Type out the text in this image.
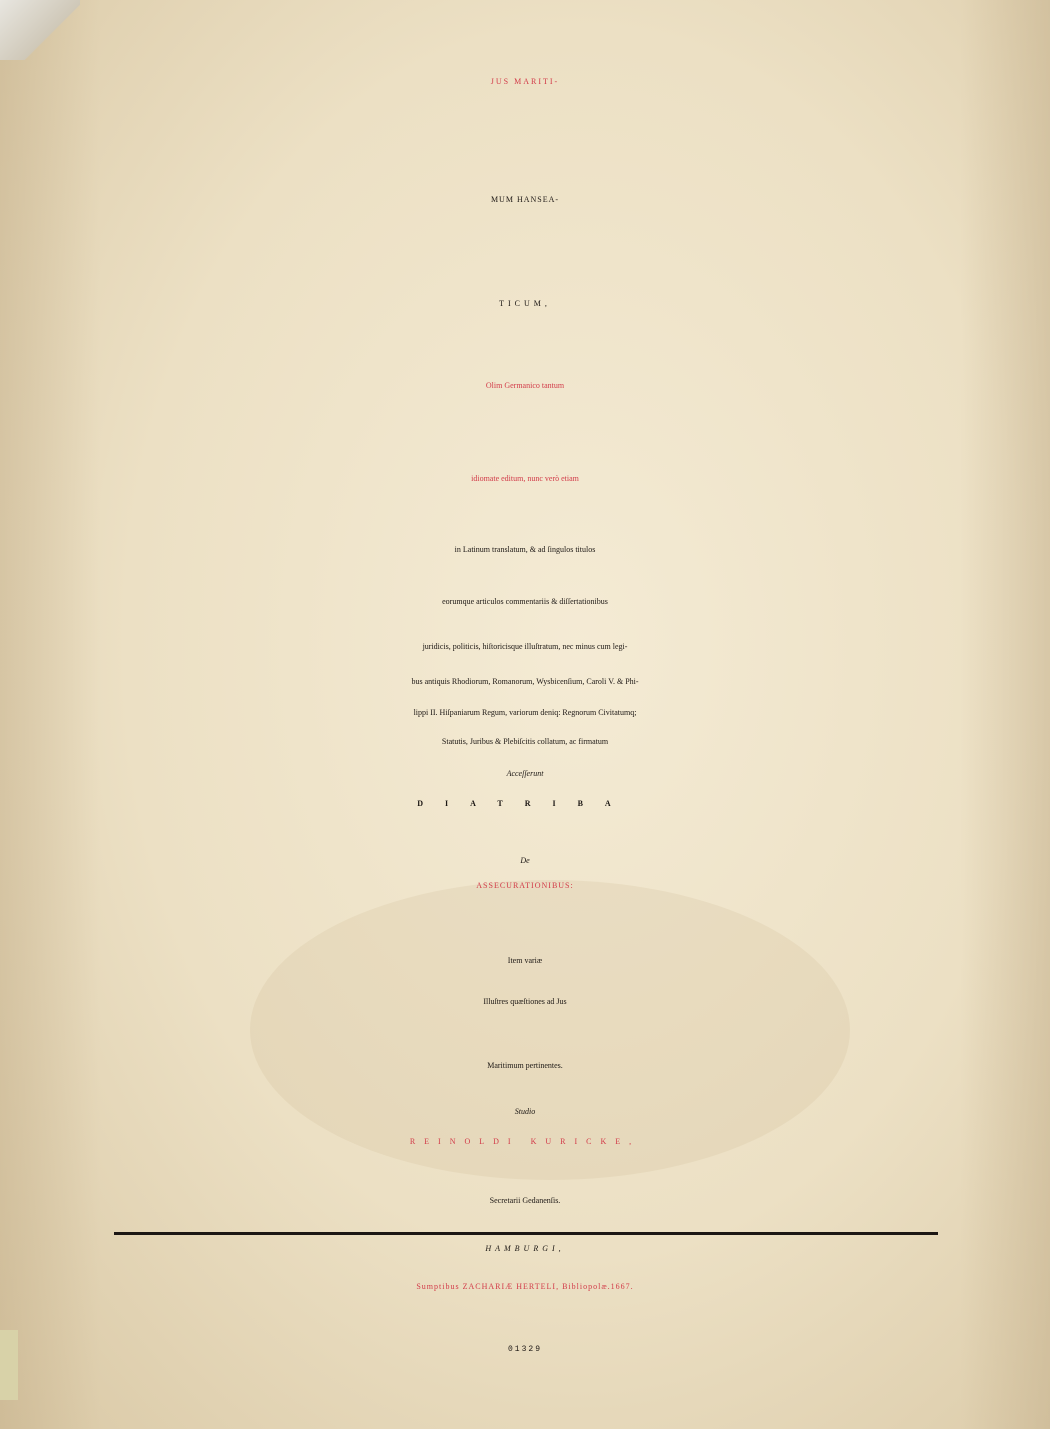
JUS MARITI-
MUM HANSEA-
TICUM,
Olim Germanico tantum
idiomate editum, nunc verò etiam
in Latinum translatum, & ad ſingulos titulos
eorumque articulos commentariis & diſſertationibus
juridicis, politicis, hiſtoricisque illuſtratum, nec minus cum legi-
bus antiquis Rhodiorum, Romanorum, Wysbicenſium, Caroli V. & Phi-
lippi II. Hiſpaniarum Regum, variorum deniq: Regnorum Civitatumq;
Statutis, Juribus & Plebiſcitis collatum, ac firmatum
Acceſſerunt
DIATRIBA
De
ASSECURATIONIBUS:
Item variæ
Illuſtres quæſtiones ad Jus
Maritimum pertinentes.
Studio
REINOLDI KURICKE,
Secretarii Gedanenſis.
HAMBURGI,
Sumptibus ZACHARIÆ HERTELI, Bibliopolæ.1667.
01329
